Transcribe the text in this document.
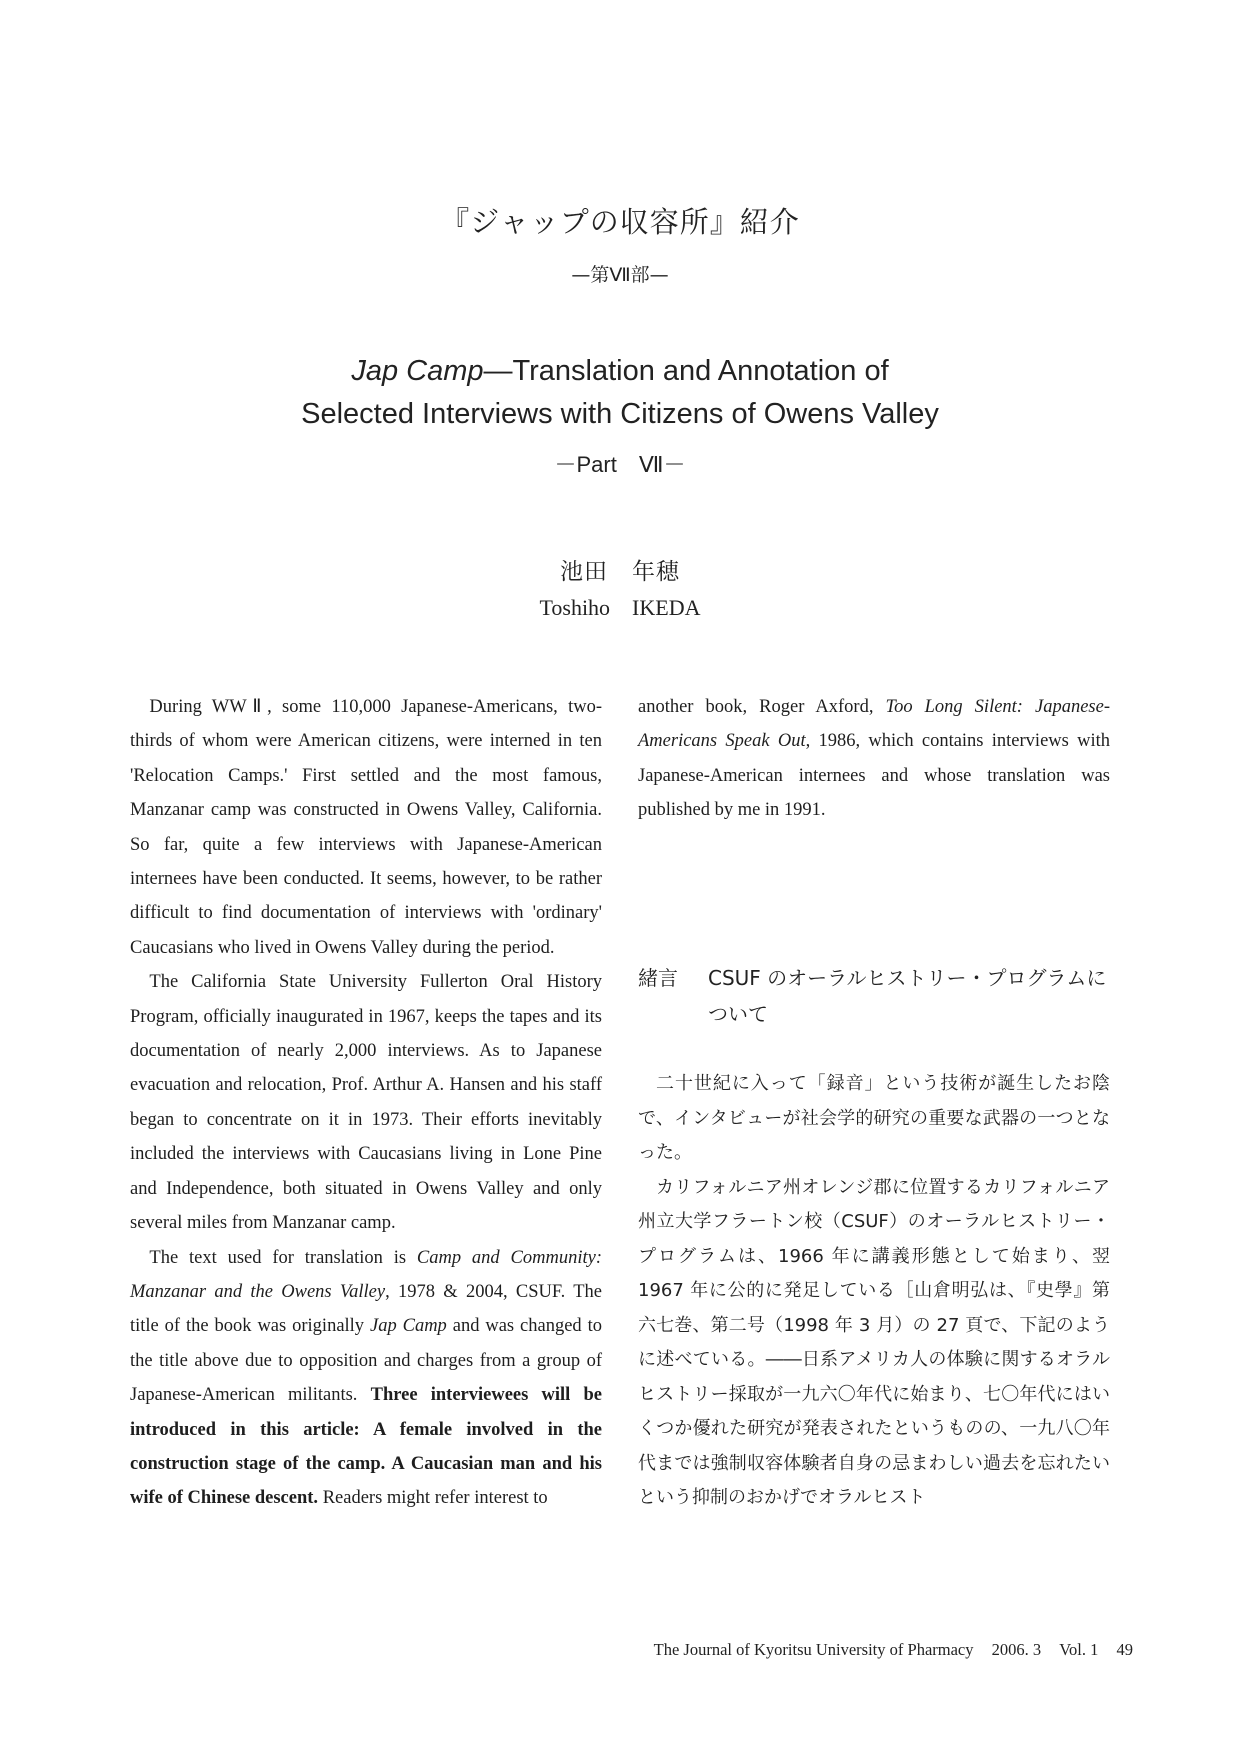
『ジャップの収容所』紹介
—第Ⅶ部—
Jap Camp—Translation and Annotation of
Selected Interviews with Citizens of Owens Valley
－Part　Ⅶ－
池田　年穂
Toshiho　IKEDA

During WWⅡ, some 110,000 Japanese-Americans, two-thirds of whom were American citizens, were interned in ten 'Relocation Camps.' First settled and the most famous, Manzanar camp was constructed in Owens Valley, California. So far, quite a few interviews with Japanese-American internees have been conducted. It seems, however, to be rather difficult to find documentation of interviews with 'ordinary' Caucasians who lived in Owens Valley during the period.

The California State University Fullerton Oral History Program, officially inaugurated in 1967, keeps the tapes and its documentation of nearly 2,000 interviews. As to Japanese evacuation and relocation, Prof. Arthur A. Hansen and his staff began to concentrate on it in 1973. Their efforts inevitably included the interviews with Caucasians living in Lone Pine and Independence, both situated in Owens Valley and only several miles from Manzanar camp.

The text used for translation is Camp and Community: Manzanar and the Owens Valley, 1978 & 2004, CSUF. The title of the book was originally Jap Camp and was changed to the title above due to opposition and charges from a group of Japanese-American militants. Three interviewees will be introduced in this article: A female involved in the construction stage of the camp. A Caucasian man and his wife of Chinese descent. Readers might refer interest to

緒言 CSUF のオーラルヒストリー・プログラムについて

二十世紀に入って「録音」という技術が誕生したお陰で、インタビューが社会学的研究の重要な武器の一つとなった。

カリフォルニア州オレンジ郡に位置するカリフォルニア州立大学フラートン校（CSUF）のオーラルヒストリー・プログラムは、1966 年に講義形態として始まり、翌 1967 年に公的に発足している［山倉明弘は、『史學』第六七巻、第二号（1998 年 3 月）の 27 頁で、下記のように述べている。――日系アメリカ人の体験に関するオラルヒストリー採取が一九六〇年代に始まり、七〇年代にはいくつか優れた研究が発表されたというものの、一九八〇年代までは強制収容体験者自身の忌まわしい過去を忘れたいという抑制のおかげでオラルヒスト

The Journal of Kyoritsu University of Pharmacy 2006. 3 Vol. 1 49

another book, Roger Axford, Too Long Silent: Japanese-Americans Speak Out, 1986, which contains interviews with Japanese-American internees and whose translation was published by me in 1991.
